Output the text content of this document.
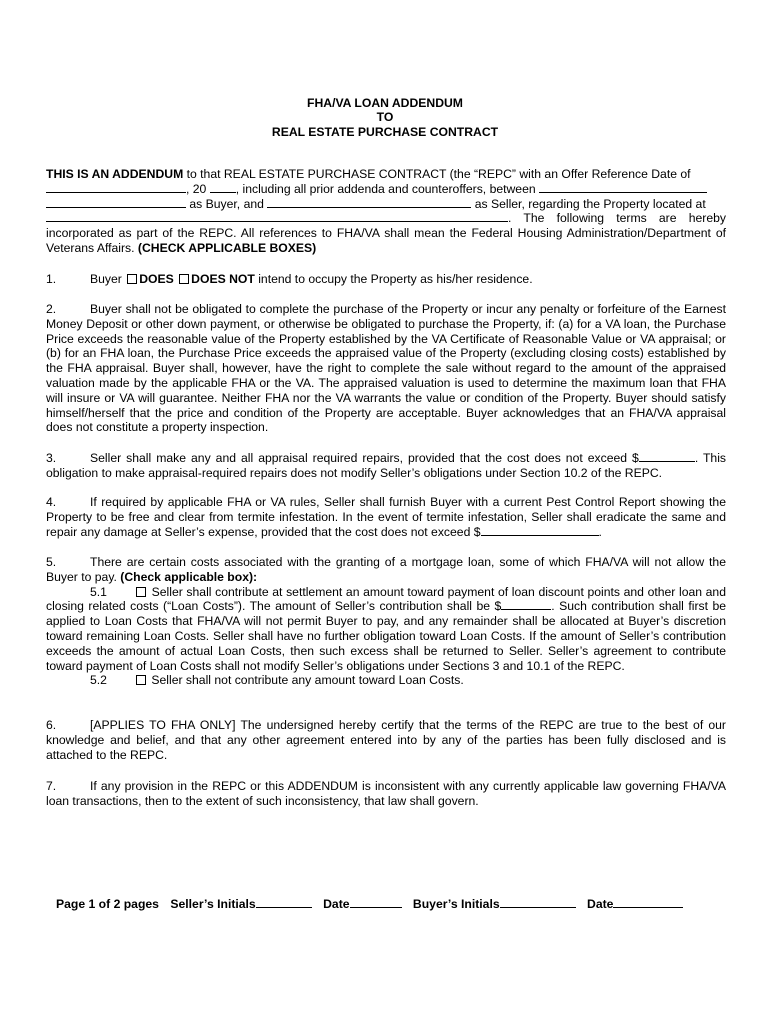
FHA/VA LOAN ADDENDUM
TO
REAL ESTATE PURCHASE CONTRACT
THIS IS AN ADDENDUM to that REAL ESTATE PURCHASE CONTRACT (the “REPC” with an Offer Reference Date of
, 20 , including all prior addenda and counteroffers, between
as Buyer, and	as Seller, regarding the Property located at
. The following terms are hereby incorporated as part of the REPC. All references to FHA/VA shall mean the Federal Housing Administration/Department of Veterans Affairs. (CHECK APPLICABLE BOXES)
1.	Buyer DOES DOES NOT intend to occupy the Property as his/her residence.
2.	Buyer shall not be obligated to complete the purchase of the Property or incur any penalty or forfeiture of the Earnest Money Deposit or other down payment, or otherwise be obligated to purchase the Property, if: (a) for a VA loan, the Purchase Price exceeds the reasonable value of the Property established by the VA Certificate of Reasonable Value or VA appraisal; or (b) for an FHA loan, the Purchase Price exceeds the appraised value of the Property (excluding closing costs) established by the FHA appraisal. Buyer shall, however, have the right to complete the sale without regard to the amount of the appraised valuation made by the applicable FHA or the VA. The appraised valuation is used to determine the maximum loan that FHA will insure or VA will guarantee. Neither FHA nor the VA warrants the value or condition of the Property. Buyer should satisfy himself/herself that the price and condition of the Property are acceptable. Buyer acknowledges that an FHA/VA appraisal does not constitute a property inspection.
3.	Seller shall make any and all appraisal required repairs, provided that the cost does not exceed $	. This obligation to make appraisal-required repairs does not modify Seller’s obligations under Section 10.2 of the REPC.
4.	If required by applicable FHA or VA rules, Seller shall furnish Buyer with a current Pest Control Report showing the Property to be free and clear from termite infestation. In the event of termite infestation, Seller shall eradicate the same and repair any damage at Seller’s expense, provided that the cost does not exceed $	.
5.	There are certain costs associated with the granting of a mortgage loan, some of which FHA/VA will not allow the Buyer to pay. (Check applicable box):
5.1	Seller shall contribute at settlement an amount toward payment of loan discount points and other loan and closing related costs (“Loan Costs”). The amount of Seller’s contribution shall be $	. Such contribution shall first be applied to Loan Costs that FHA/VA will not permit Buyer to pay, and any remainder shall be allocated at Buyer’s discretion toward remaining Loan Costs. Seller shall have no further obligation toward Loan Costs. If the amount of Seller’s contribution exceeds the amount of actual Loan Costs, then such excess shall be returned to Seller. Seller’s agreement to contribute toward payment of Loan Costs shall not modify Seller’s obligations under Sections 3 and 10.1 of the REPC.
5.2	Seller shall not contribute any amount toward Loan Costs.
6.	[APPLIES TO FHA ONLY] The undersigned hereby certify that the terms of the REPC are true to the best of our knowledge and belief, and that any other agreement entered into by any of the parties has been fully disclosed and is attached to the REPC.
7.	If any provision in the REPC or this ADDENDUM is inconsistent with any currently applicable law governing FHA/VA loan transactions, then to the extent of such inconsistency, that law shall govern.
Page 1 of 2 pages Seller’s Initials	Date	Buyer’s Initials	Date
